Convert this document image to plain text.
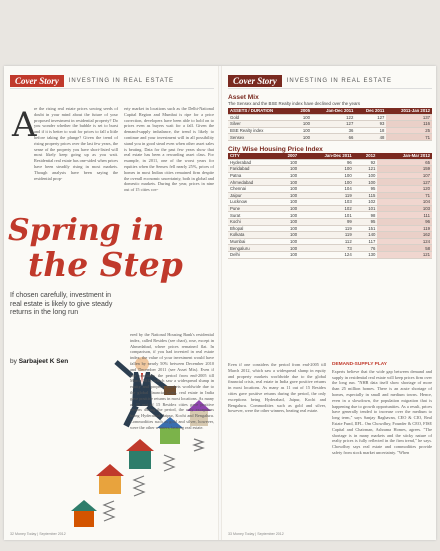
Cover Story	INVESTING IN REAL ESTATE
A
re the rising real estate prices sowing seeds of doubt in your mind about the future of your proposed investment in residential property? Do you wonder whether the bubble is set to burst and if it is better to wait for prices to fall a little before taking the plunge? Given the trend of rising property prices over the last few years, the sense of the property you have short-listed will most likely keep going up as you wait. Residential real estate has one-sided when prices have been steadily rising in most markets. Though analysts have been saying the residential prop-
erty market in locations such as the Delhi-National Capital Region and Mumbai is ripe for a price correction, developers have been able to hold on to prices even as buyers wait for a fall. Given the demand-supply imbalance, the trend is likely to continue and your investment will in all possibility stand you in good stead even when other asset sales is beating. Data for the past few years show that real estate has been a rewarding asset class. For example, in 2011, one of the worst years for equities when the Sensex fell nearly 25%, prices of homes in most Indian cities remained firm despite the overall economic uncertainty, both in global and domestic markets. During the year, prices in nine out of 15 cities cov-
Spring in
the Step
If chosen carefully, investment in real estate is likely to give steady returns in the long run
by Sarbajeet K Sen
ered by the National Housing Bank's residential index, called Residex (see chart), rose, except in Ahmedabad, where prices remained flat. In comparison, if you had invested in real estate index, the value of your investment would have fallen by nearly 50% between December 2010 and December 2011 (see Asset Mix). Even if one considers the period from end-2005 till March 2012, which saw a widespread slump in equity and property markets worldwide due to the global financial crisis, real estate in India gave positive returns in most locations. As many as 11 out of 15 Residex cities gave positive returns during the period, the only exceptions being Hyderabad, Jaipur, Kochi and Bengaluru. Commodities such as gold and silver, however, were the other winners, beating real estate.
32 Money Today | September 2012
Cover Story	INVESTING IN REAL ESTATE
Asset Mix
The Sensex and the BSE Realty index have declined over the years
ASSETS / DURATION	2005	Jan-Dec 2011	Dec 2011	2011-Jan 2012
Gold	100	122	127	137
Silver	100	127	93	116
BSE Realty index	100	36	18	25
Sensex	100	66	48	71
City Wise Housing Price Index
CITY	2007	Jan-Dec 2011	2012	Jan-Mar 2012
Hyderabad	100	96	92	65
Faridabad	100	100	121	159
Patna	100	100	100	107
Ahmedabad	100	100	100	127
Chennai	100	104	95	120
Jaipur	100	119	115	71
Lucknow	100	103	102	104
Pune	100	102	101	103
Surat	100	101	98	111
Kochi	100	99	95	96
Bhopal	100	119	151	119
Kolkata	100	119	140	162
Mumbai	100	112	117	124
Bengaluru	100	73	76	58
Delhi	100	124	130	121
Even if one considers the period from end-2005 till March 2012, which saw a widespread slump in equity and property markets worldwide due to the global financial crisis, real estate in India gave positive returns in most locations. As many as 11 out of 15 Residex cities gave positive returns during the period, the only exceptions being Hyderabad, Jaipur, Kochi and Bengaluru. Commodities such as gold and silver, however, were the other winners, beating real estate.
DEMAND-SUPPLY PLAY
Experts believe that the wide gap between demand and supply in residential real estate will keep prices firm over the long run. "NHB data itself show shortage of more than 25 million homes. There is an acute shortage of homes, especially in small and medium towns. Hence, even in a slowdown, the population migration that is happening due to growth opportunities. As a result, prices have generally tended to increase over the medium to long term," says Sanjay Raghavan, CEO & CIO, Real Estate Fund, IIFL. Om Chowdhry, Founder & CEO, FISE Capital and Chairman, Ashrama Homes, agrees. "The shortage is in many markets and the sticky nature of realty prices is fully reflected in the firm trend," he says. Chowdhry says real estate and commodities provide safety from stock market uncertainty. "When
33 Money Today | September 2012
